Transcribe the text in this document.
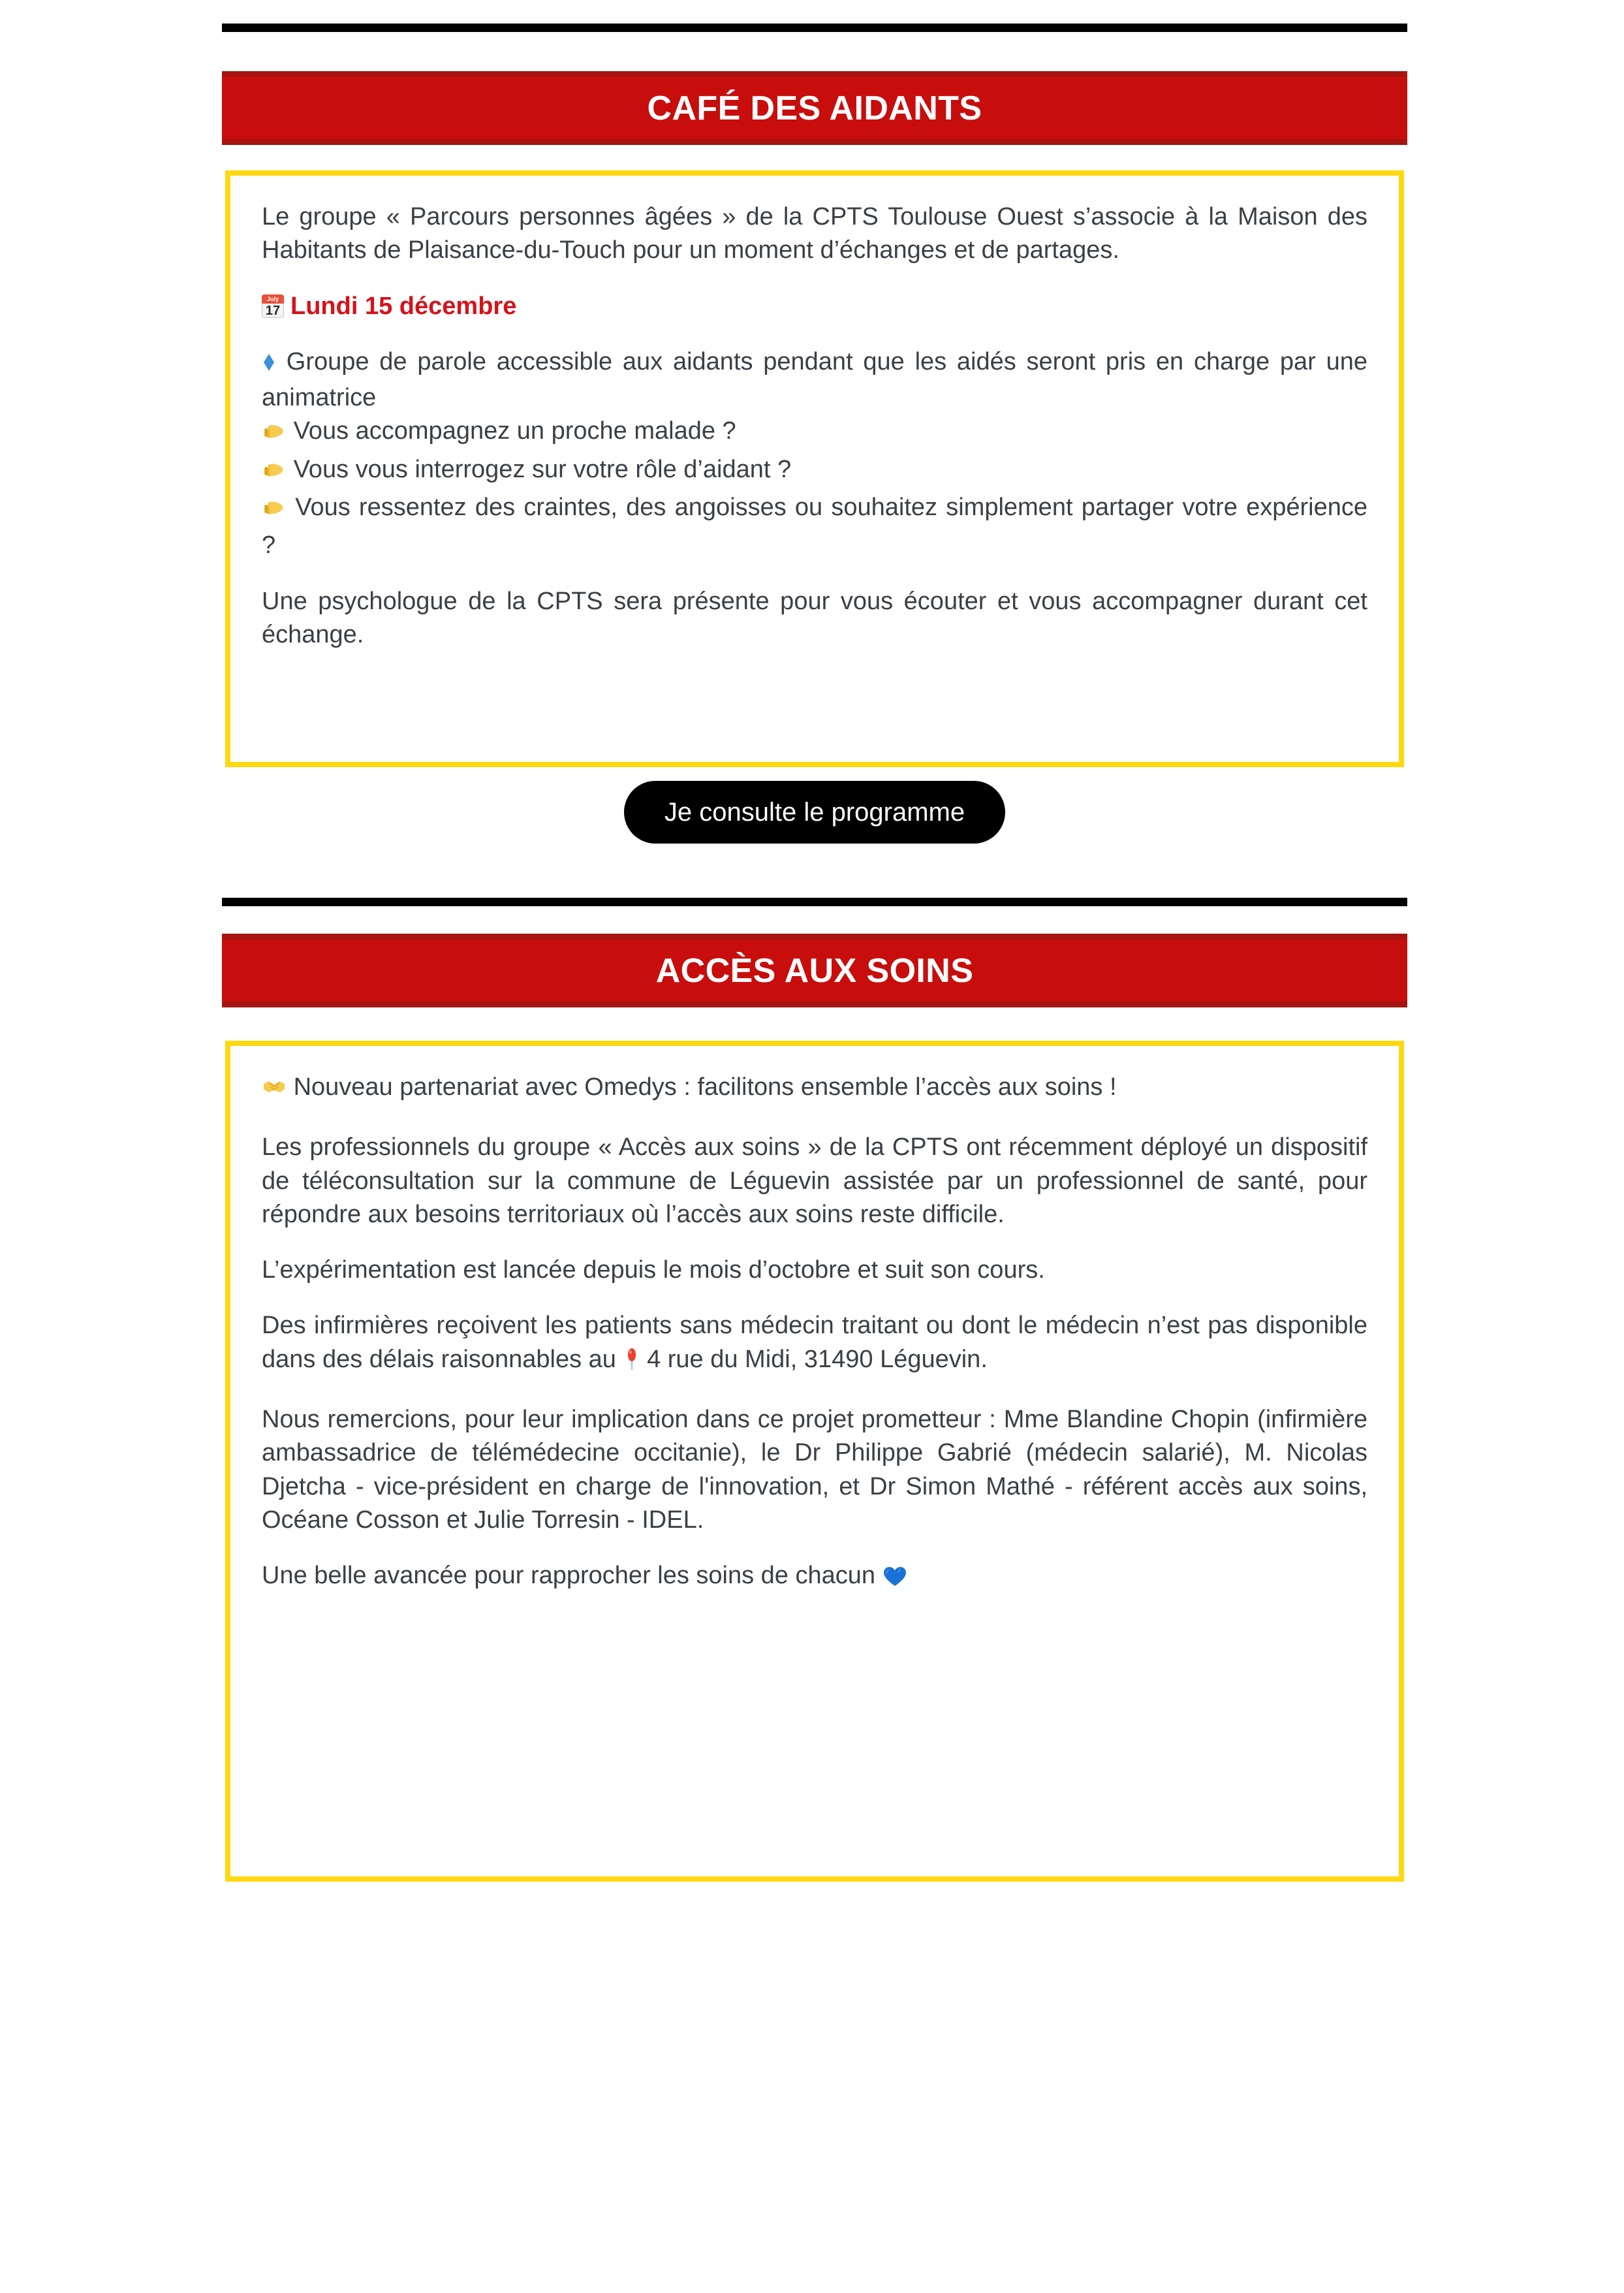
CAFÉ DES AIDANTS

Le groupe « Parcours personnes âgées » de la CPTS Toulouse Ouest s’associe à la Maison des Habitants de Plaisance-du-Touch pour un moment d’échanges et de partages.

July
17 Lundi 15 décembre

Groupe de parole accessible aux aidants pendant que les aidés seront pris en charge par une animatrice

Vous accompagnez un proche malade ?

Vous vous interrogez sur votre rôle d’aidant ?

Vous ressentez des craintes, des angoisses ou souhaitez simplement partager votre expérience ?

Une psychologue de la CPTS sera présente pour vous écouter et vous accompagner durant cet échange.

Je consulte le programme
ACCÈS AUX SOINS

Nouveau partenariat avec Omedys : facilitons ensemble l’accès aux soins !

Les professionnels du groupe « Accès aux soins » de la CPTS ont récemment déployé un dispositif de téléconsultation sur la commune de Léguevin assistée par un professionnel de santé, pour répondre aux besoins territoriaux où l’accès aux soins reste difficile.

L’expérimentation est lancée depuis le mois d’octobre et suit son cours.

Des infirmières reçoivent les patients sans médecin traitant ou dont le médecin n’est pas disponible dans des délais raisonnables au 4 rue du Midi, 31490 Léguevin.

Nous remercions, pour leur implication dans ce projet prometteur : Mme Blandine Chopin (infirmière ambassadrice de télémédecine occitanie), le Dr Philippe Gabrié (médecin salarié), M. Nicolas Djetcha - vice-président en charge de l'innovation, et Dr Simon Mathé - référent accès aux soins, Océane Cosson et Julie Torresin - IDEL.

Une belle avancée pour rapprocher les soins de chacun
